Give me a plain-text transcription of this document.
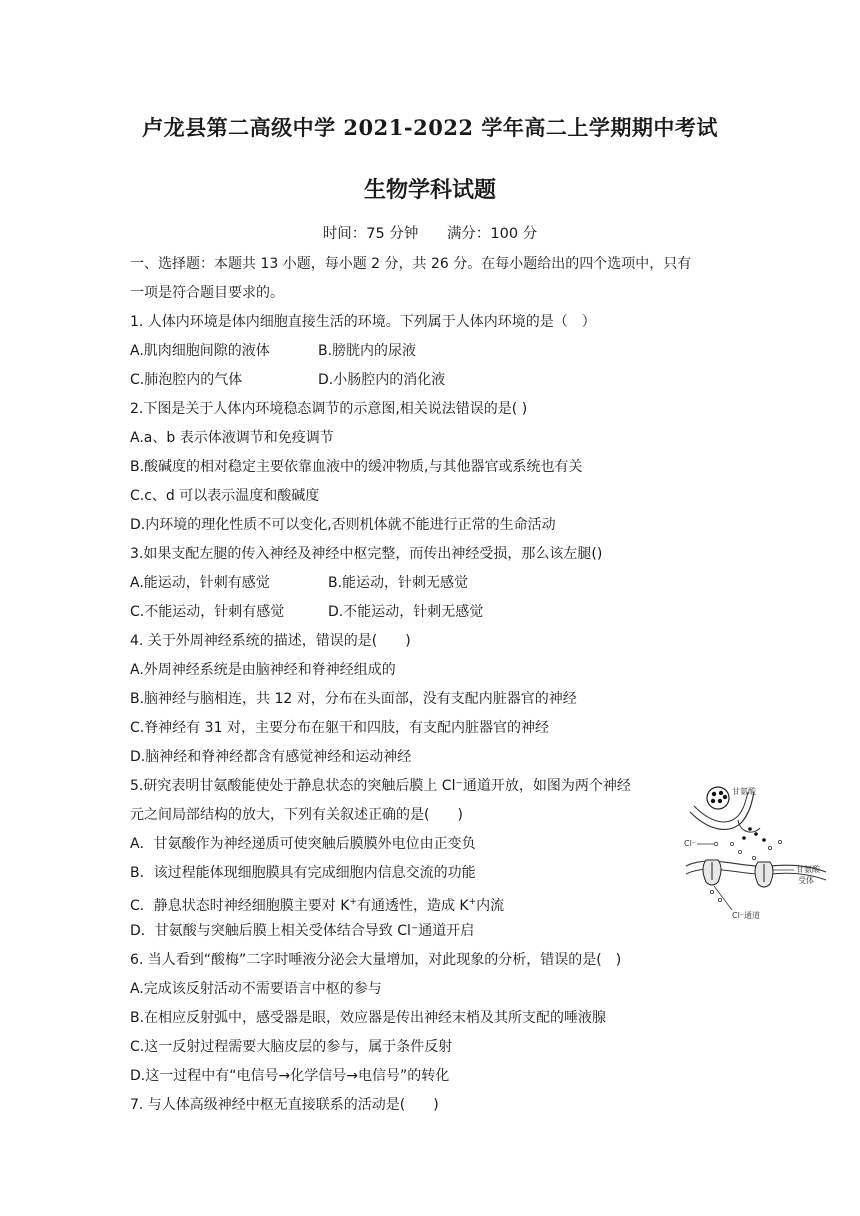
卢龙县第二高级中学 2021-2022 学年高二上学期期中考试
生物学科试题
时间：75 分钟 满分：100 分
一、选择题：本题共 13 小题，每小题 2 分，共 26 分。在每小题给出的四个选项中，只有
一项是符合题目要求的。
1. 人体内环境是体内细胞直接生活的环境。下列属于人体内环境的是（　）
A.肌肉细胞间隙的液体	B.膀胱内的尿液
C.肺泡腔内的气体	D.小肠腔内的消化液
2.下图是关于人体内环境稳态调节的示意图,相关说法错误的是( )
A.a、b 表示体液调节和免疫调节
B.酸碱度的相对稳定主要依靠血液中的缓冲物质,与其他器官或系统也有关
C.c、d 可以表示温度和酸碱度
D.内环境的理化性质不可以变化,否则机体就不能进行正常的生命活动
3.如果支配左腿的传入神经及神经中枢完整，而传出神经受损，那么该左腿()
A.能运动，针刺有感觉	B.能运动，针刺无感觉
C.不能运动，针刺有感觉	D.不能运动，针刺无感觉
4. 关于外周神经系统的描述，错误的是(　　)
A.外周神经系统是由脑神经和脊神经组成的
B.脑神经与脑相连，共 12 对，分布在头面部，没有支配内脏器官的神经
C.脊神经有 31 对，主要分布在躯干和四肢，有支配内脏器官的神经
D.脑神经和脊神经都含有感觉神经和运动神经
5.研究表明甘氨酸能使处于静息状态的突触后膜上 Cl⁻通道开放，如图为两个神经
元之间局部结构的放大，下列有关叙述正确的是(　　)
A．甘氨酸作为神经递质可使突触后膜膜外电位由正变负
B．该过程能体现细胞膜具有完成细胞内信息交流的功能
C．静息状态时神经细胞膜主要对 K+有通透性，造成 K+内流
D．甘氨酸与突触后膜上相关受体结合导致 Cl⁻通道开启
甘氨酸
Cl⁻
甘氨酸
受体
Cl⁻通道
6. 当人看到“酸梅”二字时唾液分泌会大量增加，对此现象的分析，错误的是(　)
A.完成该反射活动不需要语言中枢的参与
B.在相应反射弧中，感受器是眼，效应器是传出神经末梢及其所支配的唾液腺
C.这一反射过程需要大脑皮层的参与，属于条件反射
D.这一过程中有“电信号→化学信号→电信号”的转化
7. 与人体高级神经中枢无直接联系的活动是(　　)
